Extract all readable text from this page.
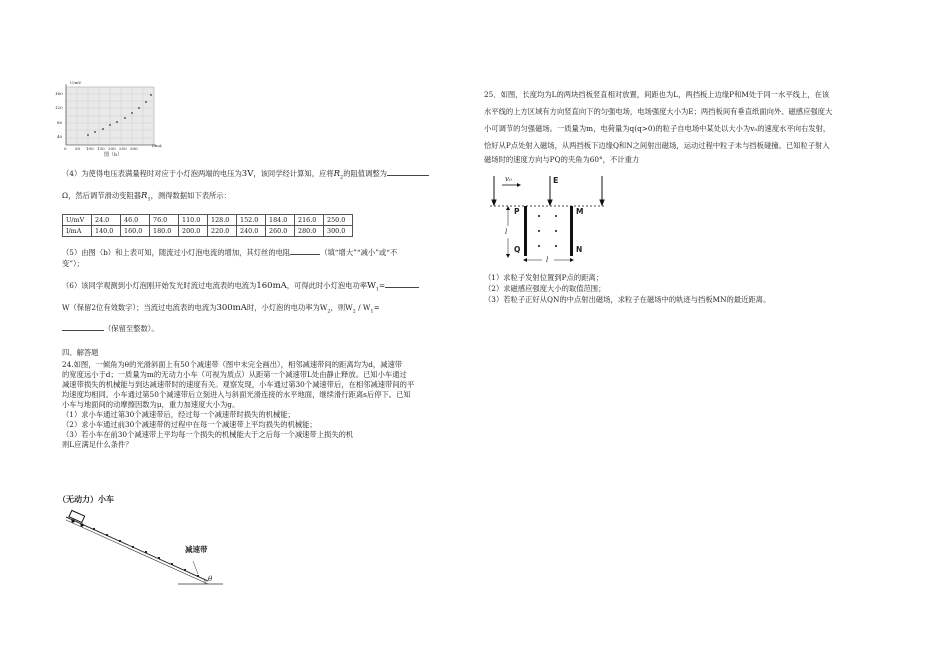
U/mV
I/mA
160
120
80
40
0 50 100 150 200 250 300
图（b）
（4）为使得电压表满量程时对应于小灯泡两端的电压为3V，该同学经计算知，应将$R_2$的阻值调整为
Ω，然后调节滑动变阻器$R_1$，测得数据如下表所示：
U/mV	24.0	46.0	76.0	110.0	128.0	152.0	184.0	216.0	250.0
I/mA	140.0	160.0	180.0	200.0	220.0	240.0	260.0	280.0	300.0
（5）由图（b）和上表可知，随流过小灯泡电流的增加，其灯丝的电阻	（填“增大”“减小”或“不
变”）；
（6）该同学观测到小灯泡刚开始发光时流过电流表的电流为160mA，可得此时小灯泡电功率$W_1=$
W（保留2位有效数字）；当流过电流表的电流为300mA时，小灯泡的电功率为$W_2$，则$W_2 / W_1=$
（保留至整数）。
四、解答题
24.如图，一倾角为θ的光滑斜面上有50个减速带（图中未完全画出），相邻减速带间的距离均为d，减速带
的宽度远小于d；一质量为m的无动力小车（可视为质点）从距第一个减速带L处由静止释放。已知小车通过
减速带损失的机械能与到达减速带时的速度有关。观察发现，小车通过第30个减速带后，在相邻减速带间的平
均速度均相同。小车通过第50个减速带后立刻进入与斜面光滑连接的水平地面，继续滑行距离s后停下。已知
小车与地面间的动摩擦因数为μ，重力加速度大小为g。
（1）求小车通过第30个减速带后，经过每一个减速带时损失的机械能；
（2）求小车通过前30个减速带的过程中在每一个减速带上平均损失的机械能；
（3）若小车在前30个减速带上平均每一个损失的机械能大于之后每一个减速带上损失的机
则L应满足什么条件？
（无动力）小车
减速带
θ
25．如图，长度均为L的两块挡板竖直相对放置，间距也为L，两挡板上边缘P和M处于同一水平线上，在该
水平线的上方区域有方向竖直向下的匀强电场，电场强度大小为E；两挡板间有垂直纸面向外、磁感应强度大
小可调节的匀强磁场。一质量为m，电荷量为q(q>0)的粒子自电场中某处以大小为v₀的速度水平向右发射，
恰好从P点处射入磁场，从两挡板下边缘Q和N之间射出磁场，运动过程中粒子未与挡板碰撞。已知粒子射入
磁场时的速度方向与PQ的夹角为60°，不计重力
v₀	E
P	M
Q	N
l
l
（1）求粒子发射位置到P点的距离；
（2）求磁感应强度大小的取值范围；
（3）若粒子正好从QN的中点射出磁场，求粒子在磁场中的轨迹与挡板MN的最近距离。
